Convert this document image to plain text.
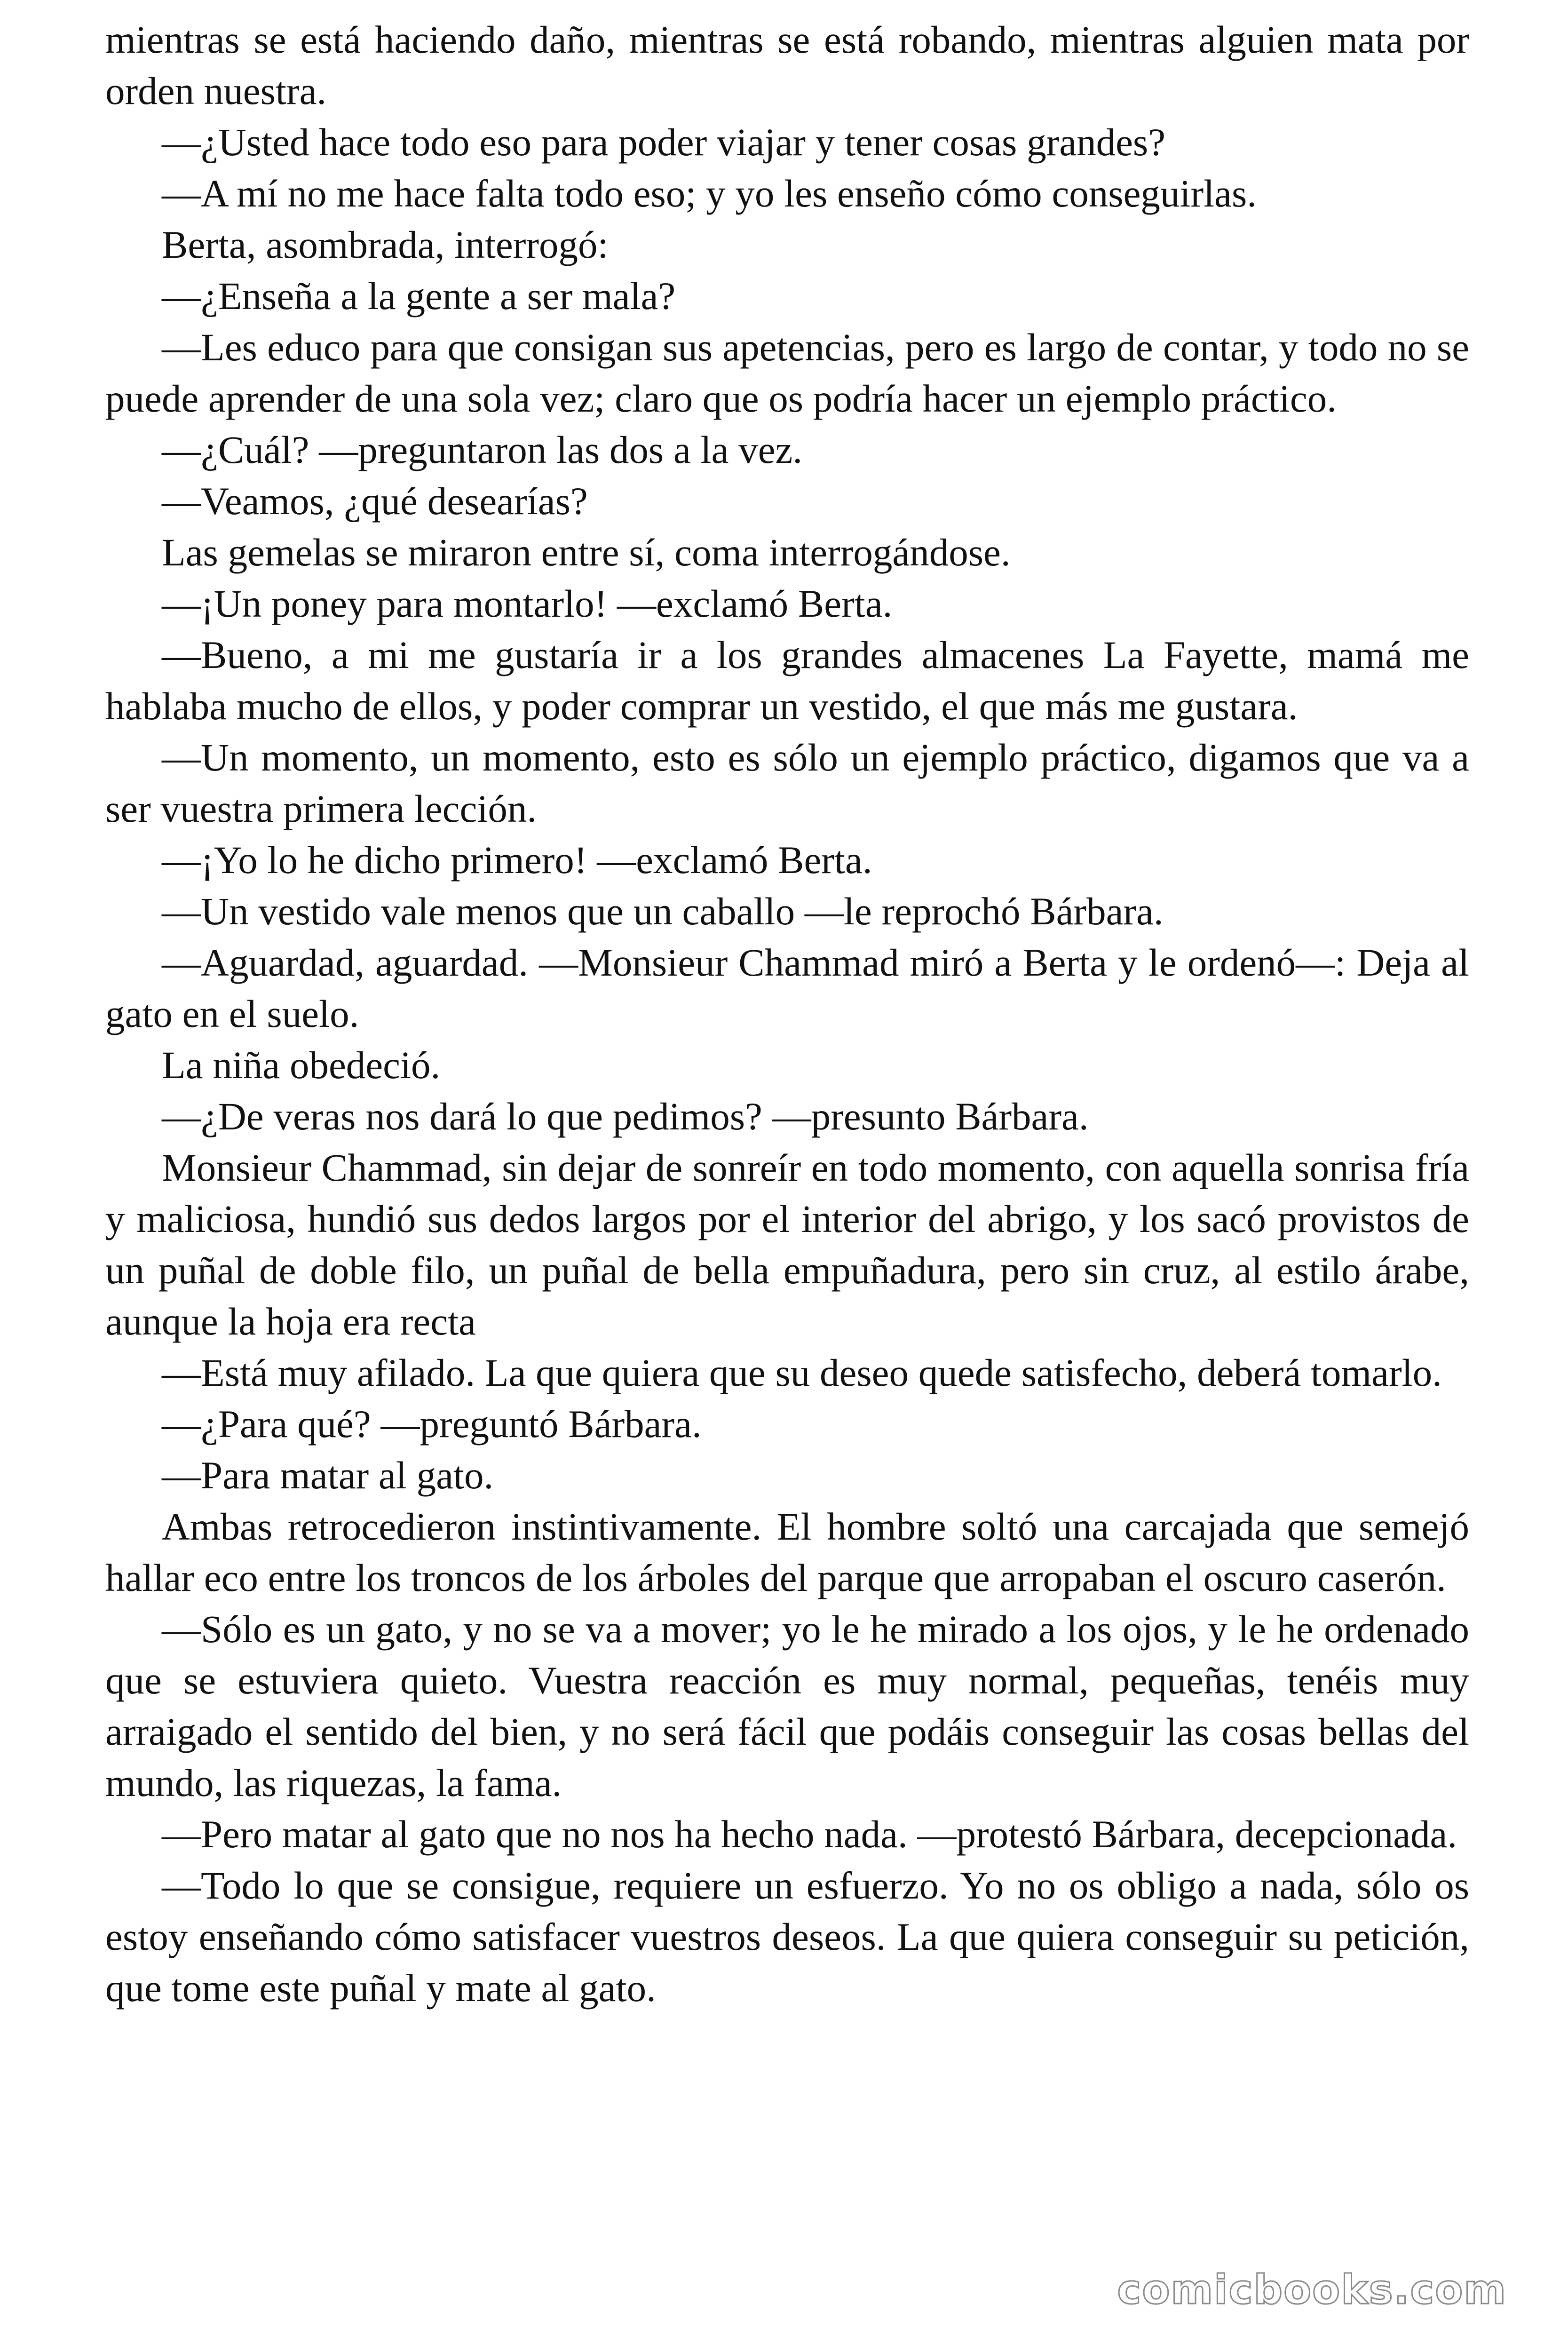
mientras se está haciendo daño, mientras se está robando, mientras alguien mata por orden nuestra.

—¿Usted hace todo eso para poder viajar y tener cosas grandes?

—A mí no me hace falta todo eso; y yo les enseño cómo conseguirlas.

Berta, asombrada, interrogó:

—¿Enseña a la gente a ser mala?

—Les educo para que consigan sus apetencias, pero es largo de contar, y todo no se puede aprender de una sola vez; claro que os podría hacer un ejemplo práctico.

—¿Cuál? —preguntaron las dos a la vez.

—Veamos, ¿qué desearías?

Las gemelas se miraron entre sí, coma interrogándose.

—¡Un poney para montarlo! —exclamó Berta.

—Bueno, a mi me gustaría ir a los grandes almacenes La Fayette, mamá me hablaba mucho de ellos, y poder comprar un vestido, el que más me gustara.

—Un momento, un momento, esto es sólo un ejemplo práctico, digamos que va a ser vuestra primera lección.

—¡Yo lo he dicho primero! —exclamó Berta.

—Un vestido vale menos que un caballo —le reprochó Bárbara.

—Aguardad, aguardad. —Monsieur Chammad miró a Berta y le ordenó—: Deja al gato en el suelo.

La niña obedeció.

—¿De veras nos dará lo que pedimos? —presunto Bárbara.

Monsieur Chammad, sin dejar de sonreír en todo momento, con aquella sonrisa fría y maliciosa, hundió sus dedos largos por el interior del abrigo, y los sacó provistos de un puñal de doble filo, un puñal de bella empuñadura, pero sin cruz, al estilo árabe, aunque la hoja era recta

—Está muy afilado. La que quiera que su deseo quede satisfecho, deberá tomarlo.

—¿Para qué? —preguntó Bárbara.

—Para matar al gato.

Ambas retrocedieron instintivamente. El hombre soltó una carcajada que semejó hallar eco entre los troncos de los árboles del parque que arropaban el oscuro caserón.

—Sólo es un gato, y no se va a mover; yo le he mirado a los ojos, y le he ordenado que se estuviera quieto. Vuestra reacción es muy normal, pequeñas, tenéis muy arraigado el sentido del bien, y no será fácil que podáis conseguir las cosas bellas del mundo, las riquezas, la fama.

—Pero matar al gato que no nos ha hecho nada. —protestó Bárbara, decepcionada.

—Todo lo que se consigue, requiere un esfuerzo. Yo no os obligo a nada, sólo os estoy enseñando cómo satisfacer vuestros deseos. La que quiera conseguir su petición, que tome este puñal y mate al gato.

comicbooks.com
